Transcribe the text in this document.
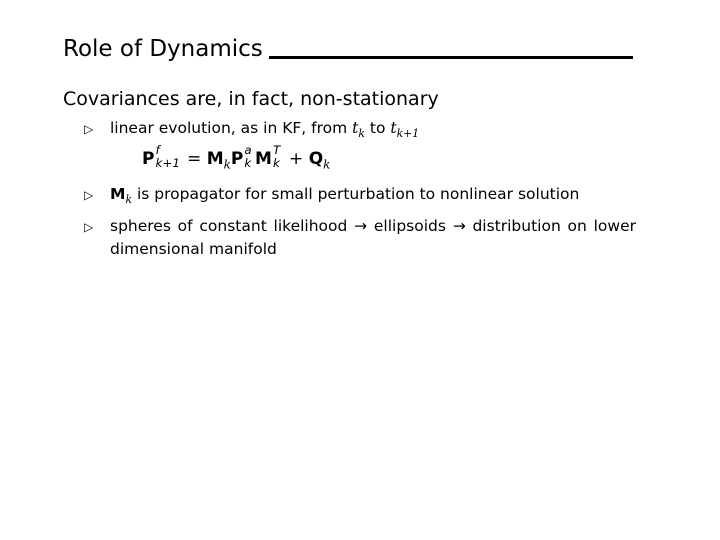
Role of Dynamics
Covariances are, in fact, non-stationary
▷ linear evolution, as in KF, from $t_k$ to $t_{k+1}$
P f
$k+1 = M_kP$ a
k M T
$k + Q_k$
▷ $M_k$ is propagator for small perturbation to nonlinear solution
▷ spheres of constant likelihood → ellipsoids → distribution on lower dimensional manifold
